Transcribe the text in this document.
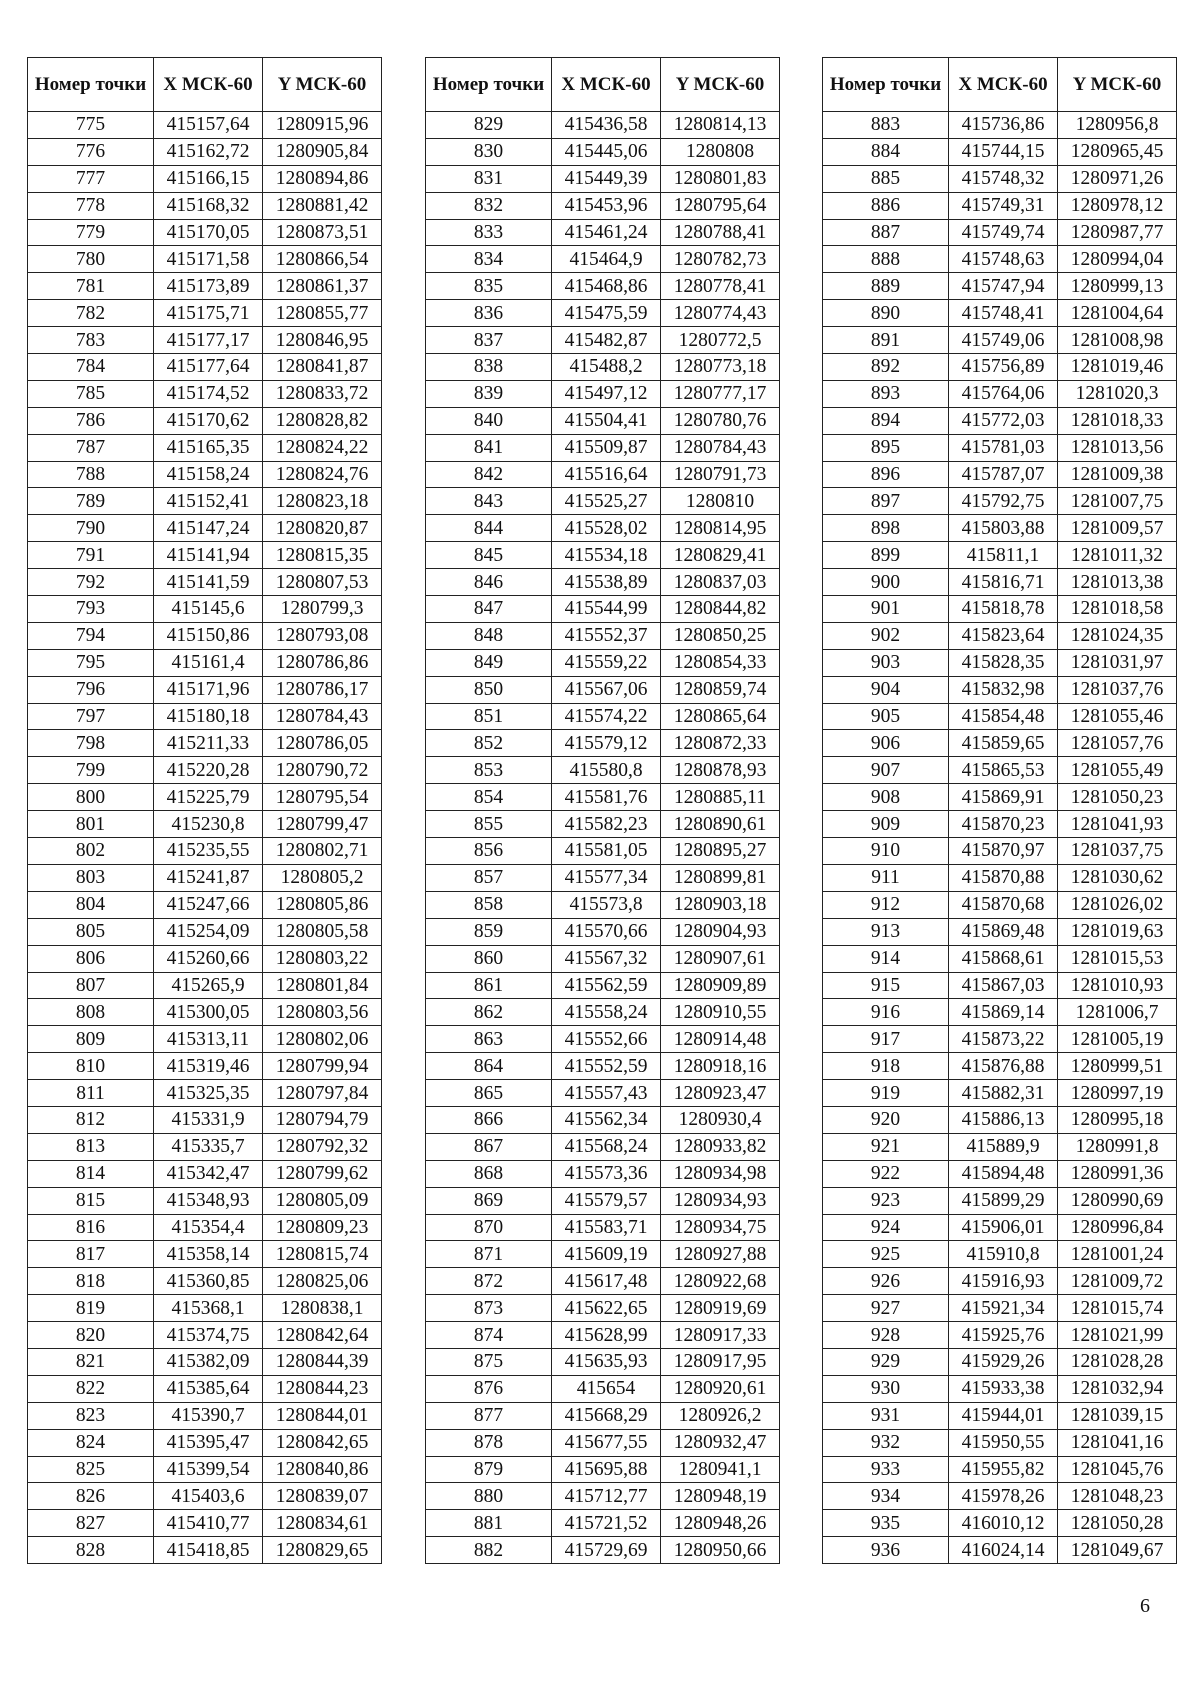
Номер точки	X МСК-60	Y МСК-60
775	415157,64	1280915,96
776	415162,72	1280905,84
777	415166,15	1280894,86
778	415168,32	1280881,42
779	415170,05	1280873,51
780	415171,58	1280866,54
781	415173,89	1280861,37
782	415175,71	1280855,77
783	415177,17	1280846,95
784	415177,64	1280841,87
785	415174,52	1280833,72
786	415170,62	1280828,82
787	415165,35	1280824,22
788	415158,24	1280824,76
789	415152,41	1280823,18
790	415147,24	1280820,87
791	415141,94	1280815,35
792	415141,59	1280807,53
793	415145,6	1280799,3
794	415150,86	1280793,08
795	415161,4	1280786,86
796	415171,96	1280786,17
797	415180,18	1280784,43
798	415211,33	1280786,05
799	415220,28	1280790,72
800	415225,79	1280795,54
801	415230,8	1280799,47
802	415235,55	1280802,71
803	415241,87	1280805,2
804	415247,66	1280805,86
805	415254,09	1280805,58
806	415260,66	1280803,22
807	415265,9	1280801,84
808	415300,05	1280803,56
809	415313,11	1280802,06
810	415319,46	1280799,94
811	415325,35	1280797,84
812	415331,9	1280794,79
813	415335,7	1280792,32
814	415342,47	1280799,62
815	415348,93	1280805,09
816	415354,4	1280809,23
817	415358,14	1280815,74
818	415360,85	1280825,06
819	415368,1	1280838,1
820	415374,75	1280842,64
821	415382,09	1280844,39
822	415385,64	1280844,23
823	415390,7	1280844,01
824	415395,47	1280842,65
825	415399,54	1280840,86
826	415403,6	1280839,07
827	415410,77	1280834,61
828	415418,85	1280829,65
Номер точки	X МСК-60	Y МСК-60
829	415436,58	1280814,13
830	415445,06	1280808
831	415449,39	1280801,83
832	415453,96	1280795,64
833	415461,24	1280788,41
834	415464,9	1280782,73
835	415468,86	1280778,41
836	415475,59	1280774,43
837	415482,87	1280772,5
838	415488,2	1280773,18
839	415497,12	1280777,17
840	415504,41	1280780,76
841	415509,87	1280784,43
842	415516,64	1280791,73
843	415525,27	1280810
844	415528,02	1280814,95
845	415534,18	1280829,41
846	415538,89	1280837,03
847	415544,99	1280844,82
848	415552,37	1280850,25
849	415559,22	1280854,33
850	415567,06	1280859,74
851	415574,22	1280865,64
852	415579,12	1280872,33
853	415580,8	1280878,93
854	415581,76	1280885,11
855	415582,23	1280890,61
856	415581,05	1280895,27
857	415577,34	1280899,81
858	415573,8	1280903,18
859	415570,66	1280904,93
860	415567,32	1280907,61
861	415562,59	1280909,89
862	415558,24	1280910,55
863	415552,66	1280914,48
864	415552,59	1280918,16
865	415557,43	1280923,47
866	415562,34	1280930,4
867	415568,24	1280933,82
868	415573,36	1280934,98
869	415579,57	1280934,93
870	415583,71	1280934,75
871	415609,19	1280927,88
872	415617,48	1280922,68
873	415622,65	1280919,69
874	415628,99	1280917,33
875	415635,93	1280917,95
876	415654	1280920,61
877	415668,29	1280926,2
878	415677,55	1280932,47
879	415695,88	1280941,1
880	415712,77	1280948,19
881	415721,52	1280948,26
882	415729,69	1280950,66
Номер точки	X МСК-60	Y МСК-60
883	415736,86	1280956,8
884	415744,15	1280965,45
885	415748,32	1280971,26
886	415749,31	1280978,12
887	415749,74	1280987,77
888	415748,63	1280994,04
889	415747,94	1280999,13
890	415748,41	1281004,64
891	415749,06	1281008,98
892	415756,89	1281019,46
893	415764,06	1281020,3
894	415772,03	1281018,33
895	415781,03	1281013,56
896	415787,07	1281009,38
897	415792,75	1281007,75
898	415803,88	1281009,57
899	415811,1	1281011,32
900	415816,71	1281013,38
901	415818,78	1281018,58
902	415823,64	1281024,35
903	415828,35	1281031,97
904	415832,98	1281037,76
905	415854,48	1281055,46
906	415859,65	1281057,76
907	415865,53	1281055,49
908	415869,91	1281050,23
909	415870,23	1281041,93
910	415870,97	1281037,75
911	415870,88	1281030,62
912	415870,68	1281026,02
913	415869,48	1281019,63
914	415868,61	1281015,53
915	415867,03	1281010,93
916	415869,14	1281006,7
917	415873,22	1281005,19
918	415876,88	1280999,51
919	415882,31	1280997,19
920	415886,13	1280995,18
921	415889,9	1280991,8
922	415894,48	1280991,36
923	415899,29	1280990,69
924	415906,01	1280996,84
925	415910,8	1281001,24
926	415916,93	1281009,72
927	415921,34	1281015,74
928	415925,76	1281021,99
929	415929,26	1281028,28
930	415933,38	1281032,94
931	415944,01	1281039,15
932	415950,55	1281041,16
933	415955,82	1281045,76
934	415978,26	1281048,23
935	416010,12	1281050,28
936	416024,14	1281049,67
6
